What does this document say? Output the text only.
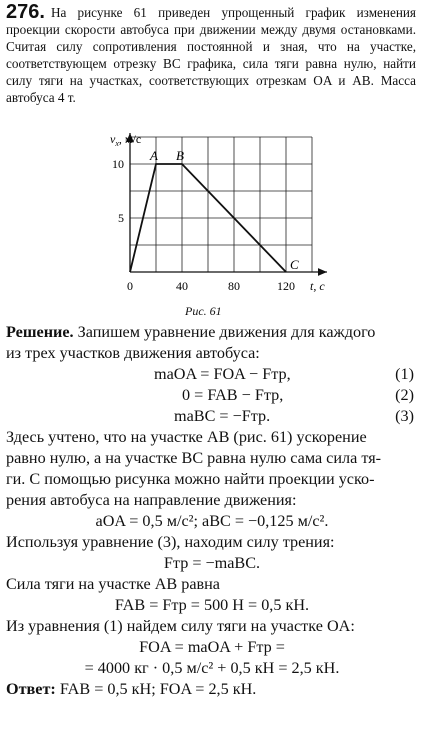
276. На рисунке 61 приведен упрощенный график изменения проекции скорости автобуса при движении между двумя остановками. Считая силу сопротивления постоянной и зная, что на участке, соответствующем отрезку BC графика, сила тяги равна нулю, найти силу тяги на участках, соответствующих отрезкам OA и AB. Масса автобуса 4 т.
$v_x$, м/с
t, с
A B
C
5
10
0	40	80	120
Рис. 61
Решение. Запишем уравнение движения для каждого
из трех участков движения автобуса:
maOA = FOA − Fтр,	(1)
0 = FAB − Fтр,	(2)
maBC = −Fтр.	(3)
Здесь учтено, что на участке AB (рис. 61) ускорение
равно нулю, а на участке BC равна нулю сама сила тя-
ги. С помощью рисунка можно найти проекции уско-
рения автобуса на направление движения:
aOA = 0,5 м/с²; aBC = −0,125 м/с².
Используя уравнение (3), находим силу трения:
Fтр = −maBC.
Сила тяги на участке AB равна
FAB = Fтр = 500 Н = 0,5 кН.
Из уравнения (1) найдем силу тяги на участке OA:
FOA = maOA + Fтр =
= 4000 кг · 0,5 м/с² + 0,5 кН = 2,5 кН.
Ответ: FAB = 0,5 кН; FOA = 2,5 кН.
